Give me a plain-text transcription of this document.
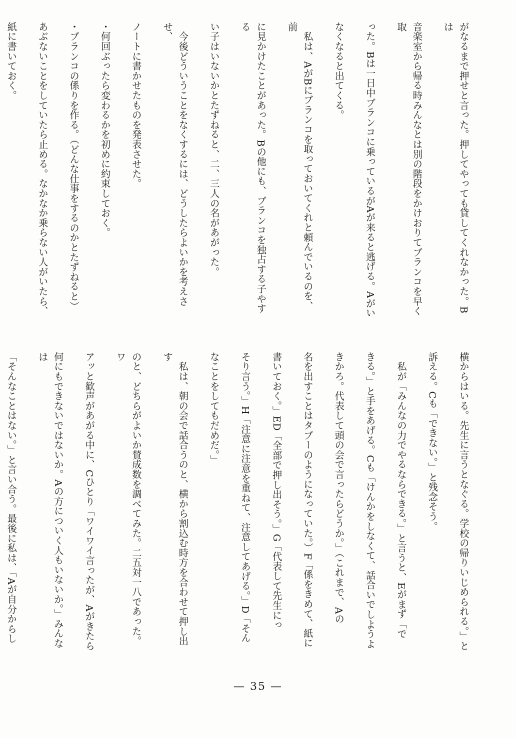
がなるまで押せと言った。押してやっても貸してくれなかった。Bは

音楽室から帰る時みんなとは別の階段をかけおりてブランコを早く取

った。Bは一日中ブランコに乗っているがAが来ると逃げる。Aがい

なくなると出てくる。

　私は、AがBにブランコを取っておいてくれと頼んでいるのを、前

に見かけたことがあった。Bの他にも、ブランコを独占する子やする

い子はいないかとたずねると、二、三人の名があがった。

　今後どういうことをなくするには、どうしたらよいかを考えさせ、

ノートに書かせたものを発表させた。

・何回ぶったら変わるかを初めに約束しておく。

・ブランコの係りを作る。（どんな仕事をするのかとたずねると）

あぶないことをしていたら止める。なかなか乗らない人がいたら、

紙に書いておく。

横からはいる。先生に言うとなぐる。学校の帰りいじめられる。」と

訴える。Cも「できない。」と残念そう。

　私が「みんなの力でやるならできる。」と言うと、Eがまず「で

きる。」と手をあげる。Cも「けんかをしなくて、話合いでしようよ

きかろ。代表して頭の会で言ったらどうか。」（これまで、Aの

名を出すことはタブーのようになっていた。）F「係をきめて、紙に

書いておく。」ED「全部で押し出そう。」G「代表して先生にっ

そり言う。」H「注意に注意を重ねて、注意してあげる。」D「そん

なことをしてもだめだ。」

　私は、朝の会で話合うのと、横から割込む時方を合わせて押し出す

のと、どちらがよいか賛成数を調べてみた。二五対一八であった。ワ

アッと歓声があがる中に、Cひとり「ワイワイ言ったが、Aがきたら

何にもできないではないか。Aの方についく人もいないか。」みんなは

「そんなことはない。」と言い合う。最後に私は、「Aが自分からし

— 35 —
